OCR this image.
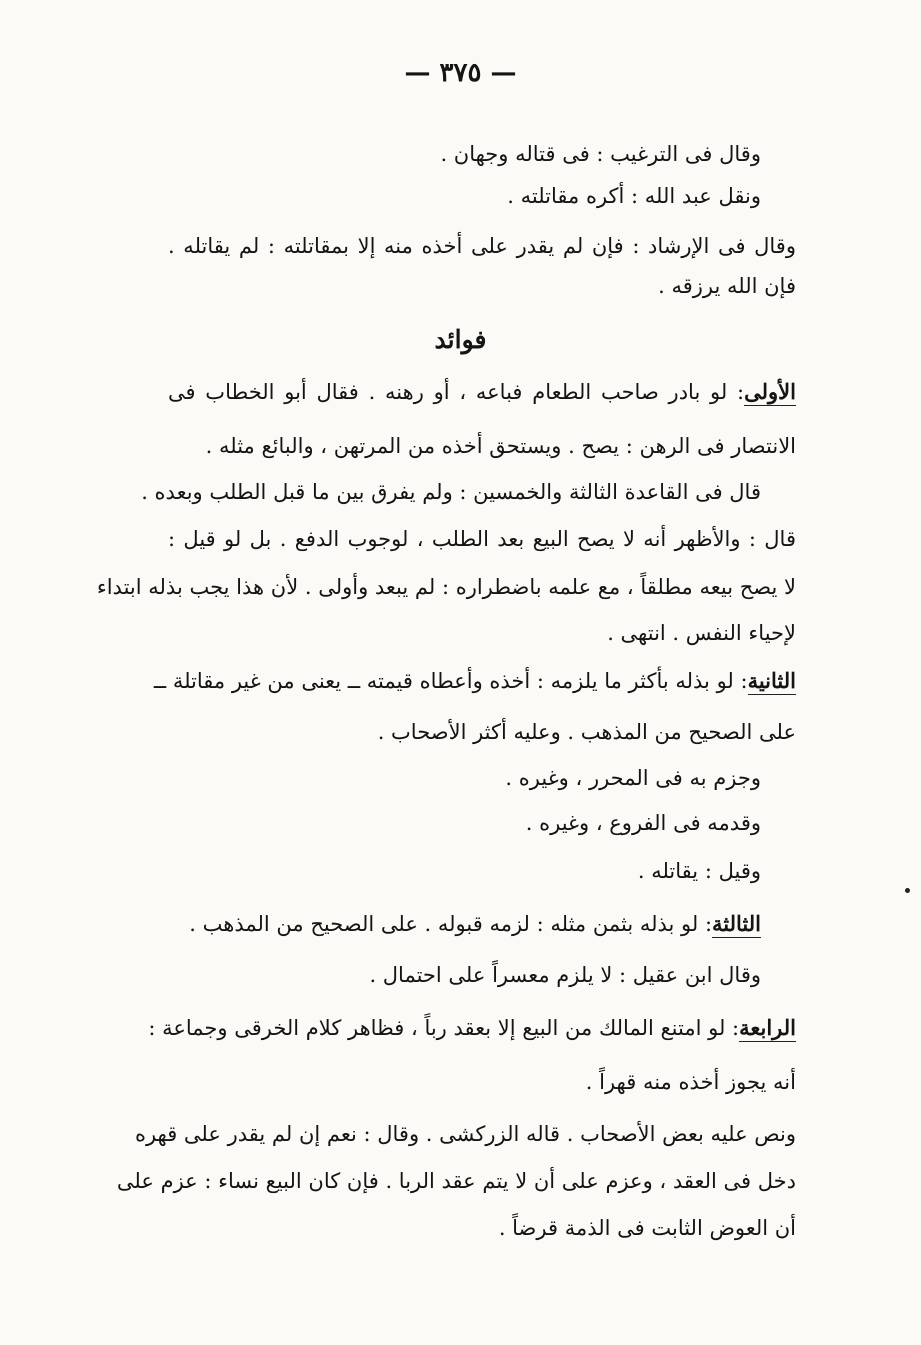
— ٣٧٥ —
وقال فى الترغيب : فى قتاله وجهان .
ونقل عبد الله : أكره مقاتلته .
وقال فى الإرشاد : فإن لم يقدر على أخذه منه إلا بمقاتلته : لم يقاتله .
فإن الله يرزقه .
فوائد
الأولى: لو بادر صاحب الطعام فباعه ، أو رهنه . فقال أبو الخطاب فى
الانتصار فى الرهن : يصح . ويستحق أخذه من المرتهن ، والبائع مثله .
قال فى القاعدة الثالثة والخمسين : ولم يفرق بين ما قبل الطلب وبعده .
قال : والأظهر أنه لا يصح البيع بعد الطلب ، لوجوب الدفع . بل لو قيل :
لا يصح بيعه مطلقاً ، مع علمه باضطراره : لم يبعد وأولى . لأن هذا يجب بذله ابتداء
لإحياء النفس . انتهى .
الثانية: لو بذله بأكثر ما يلزمه : أخذه وأعطاه قيمته ــ يعنى من غير مقاتلة ــ
على الصحيح من المذهب . وعليه أكثر الأصحاب .
وجزم به فى المحرر ، وغيره .
وقدمه فى الفروع ، وغيره .
وقيل : يقاتله .
الثالثة: لو بذله بثمن مثله : لزمه قبوله . على الصحيح من المذهب .
وقال ابن عقيل : لا يلزم معسراً على احتمال .
الرابعة: لو امتنع المالك من البيع إلا بعقد رباً ، فظاهر كلام الخرقى وجماعة :
أنه يجوز أخذه منه قهراً .
ونص عليه بعض الأصحاب . قاله الزركشى . وقال : نعم إن لم يقدر على قهره
دخل فى العقد ، وعزم على أن لا يتم عقد الربا . فإن كان البيع نساء : عزم على
أن العوض الثابت فى الذمة قرضاً .
